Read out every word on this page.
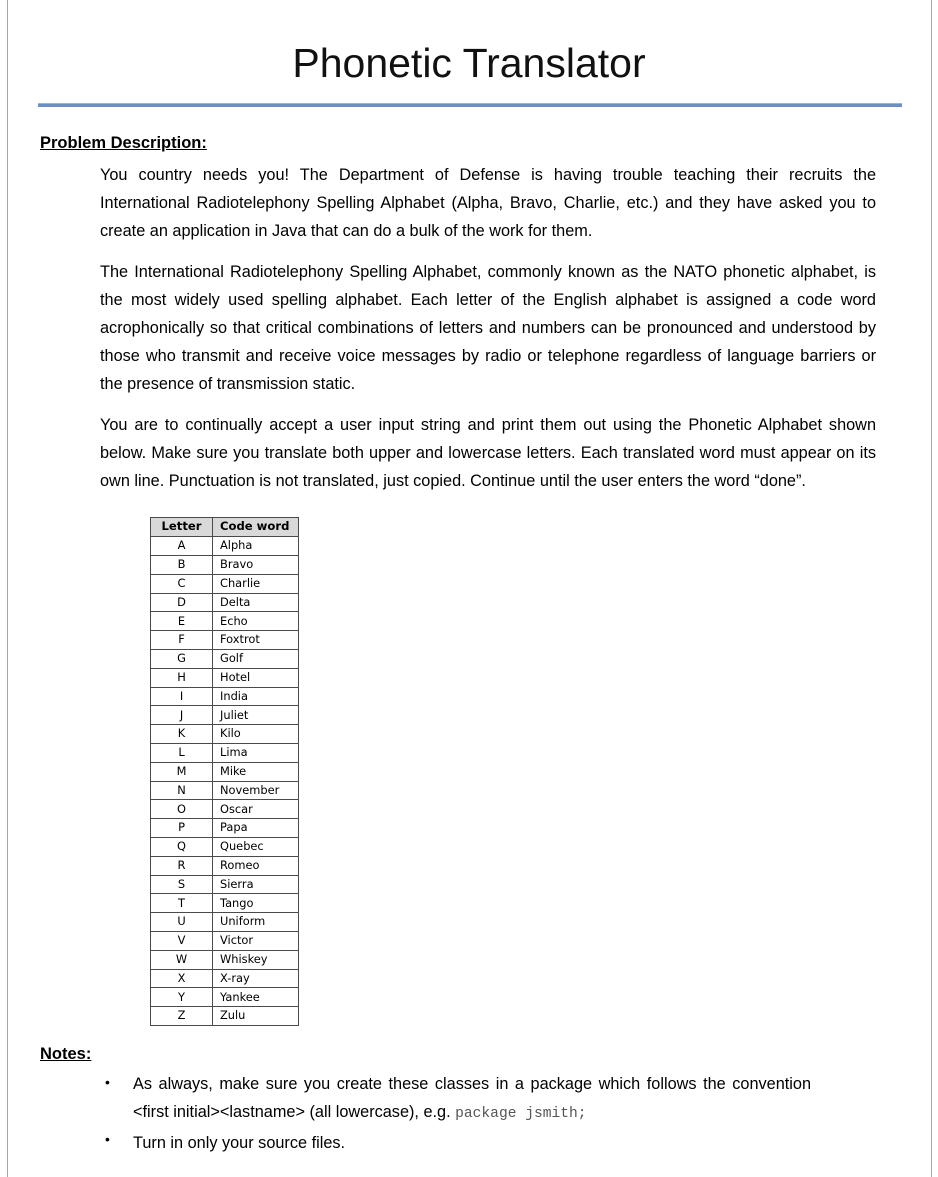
Phonetic Translator
Problem Description:

You country needs you! The Department of Defense is having trouble teaching their recruits the International Radiotelephony Spelling Alphabet (Alpha, Bravo, Charlie, etc.) and they have asked you to create an application in Java that can do a bulk of the work for them.

The International Radiotelephony Spelling Alphabet, commonly known as the NATO phonetic alphabet, is the most widely used spelling alphabet. Each letter of the English alphabet is assigned a code word acrophonically so that critical combinations of letters and numbers can be pronounced and understood by those who transmit and receive voice messages by radio or telephone regardless of language barriers or the presence of transmission static.

You are to continually accept a user input string and print them out using the Phonetic Alphabet shown below. Make sure you translate both upper and lowercase letters. Each translated word must appear on its own line. Punctuation is not translated, just copied. Continue until the user enters the word “done”.

Letter	Code word
A	Alpha
B	Bravo
C	Charlie
D	Delta
E	Echo
F	Foxtrot
G	Golf
H	Hotel
I	India
J	Juliet
K	Kilo
L	Lima
M	Mike
N	November
O	Oscar
P	Papa
Q	Quebec
R	Romeo
S	Sierra
T	Tango
U	Uniform
V	Victor
W	Whiskey
X	X-ray
Y	Yankee
Z	Zulu
Notes:
• As always, make sure you create these classes in a package which follows the convention <first initial><lastname> (all lowercase), e.g. package jsmith;
• Turn in only your source files.
